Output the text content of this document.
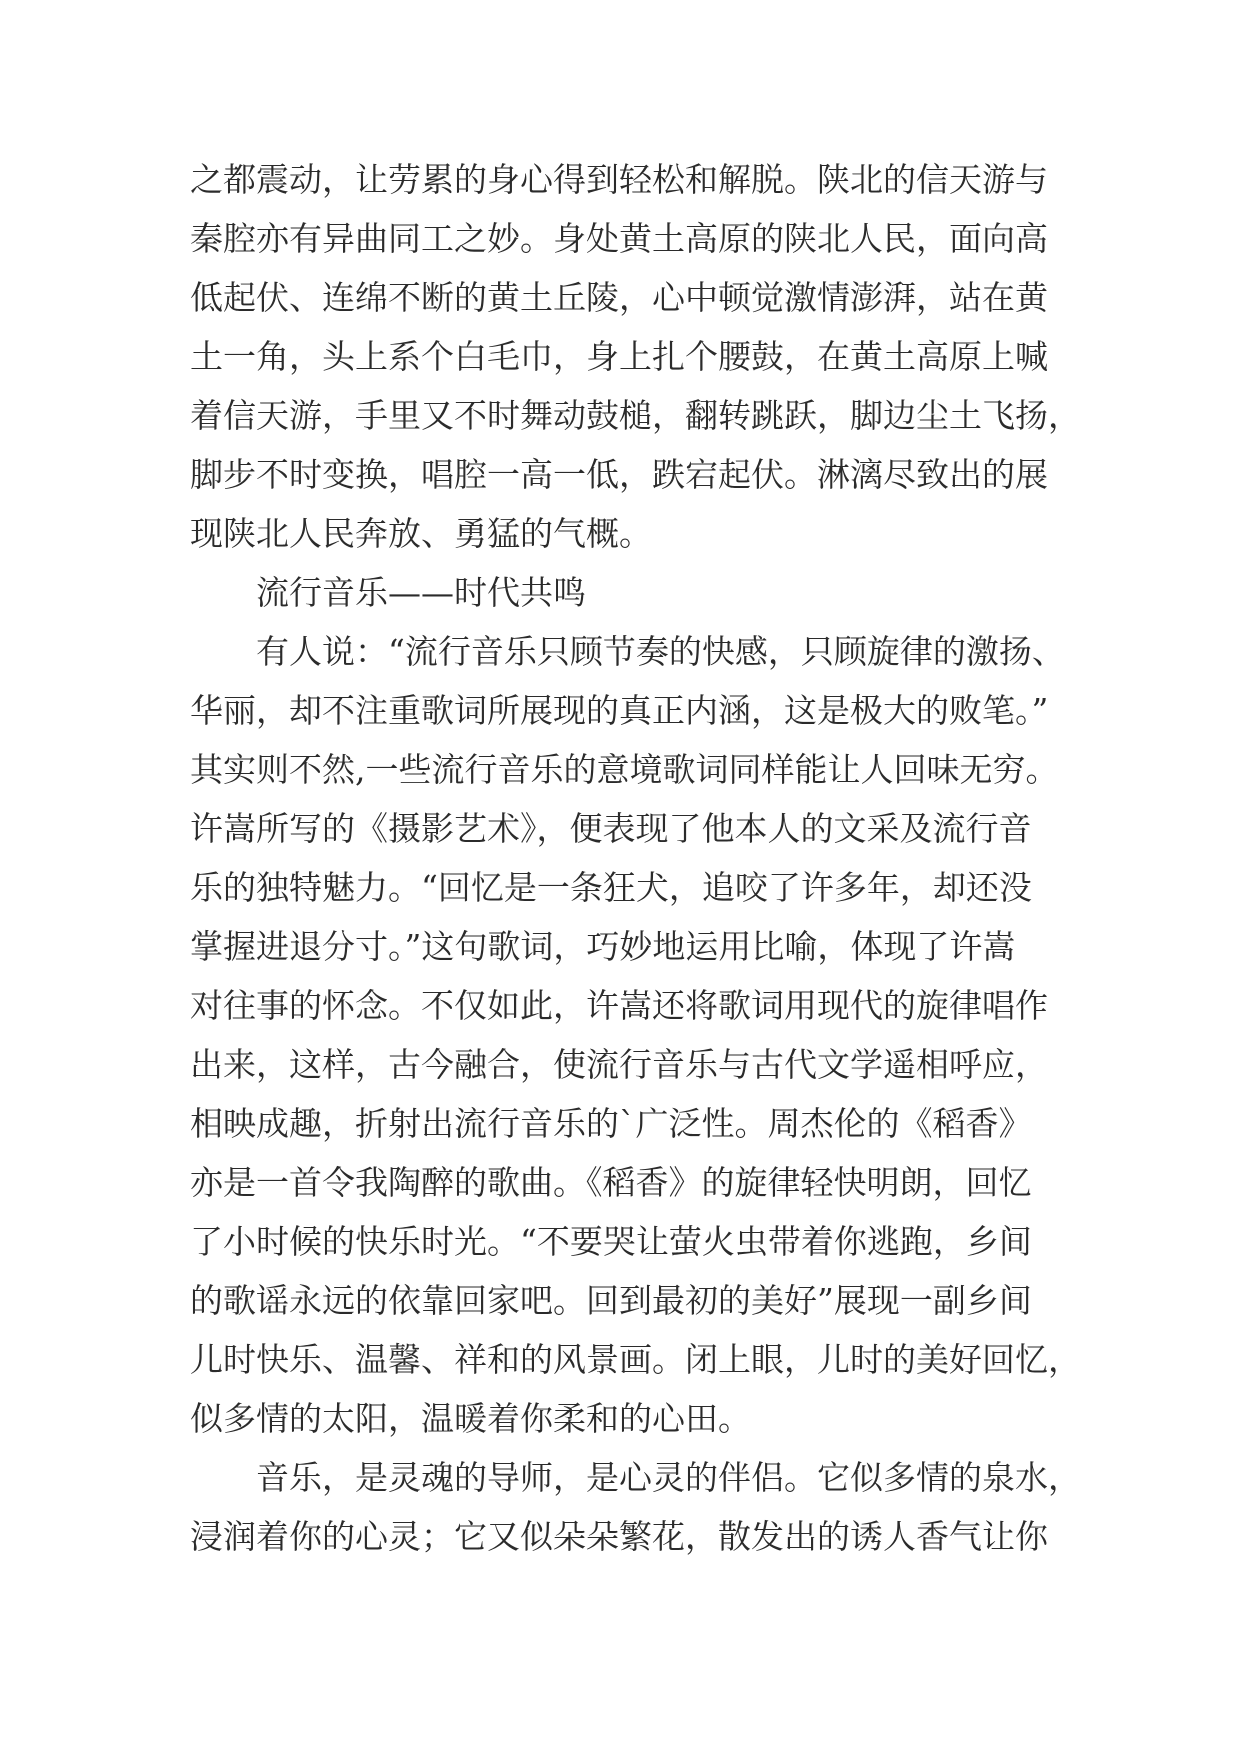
之都震动，让劳累的身心得到轻松和解脱。陕北的信天游与
秦腔亦有异曲同工之妙。身处黄土高原的陕北人民，面向高
低起伏、连绵不断的黄土丘陵，心中顿觉激情澎湃，站在黄
土一角，头上系个白毛巾，身上扎个腰鼓，在黄土高原上喊
着信天游，手里又不时舞动鼓槌，翻转跳跃，脚边尘土飞扬，
脚步不时变换，唱腔一高一低，跌宕起伏。淋漓尽致出的展
现陕北人民奔放、勇猛的气概。
流行音乐——时代共鸣
有人说：“流行音乐只顾节奏的快感，只顾旋律的激扬、
华丽，却不注重歌词所展现的真正内涵，这是极大的败笔。”
其实则不然,一些流行音乐的意境歌词同样能让人回味无穷。
许嵩所写的《摄影艺术》，便表现了他本人的文采及流行音
乐的独特魅力。“回忆是一条狂犬，追咬了许多年，却还没
掌握进退分寸。”这句歌词，巧妙地运用比喻，体现了许嵩
对往事的怀念。不仅如此，许嵩还将歌词用现代的旋律唱作
出来，这样，古今融合，使流行音乐与古代文学遥相呼应，
相映成趣，折射出流行音乐的`广泛性。周杰伦的《稻香》
亦是一首令我陶醉的歌曲。《稻香》的旋律轻快明朗，回忆
了小时候的快乐时光。“不要哭让萤火虫带着你逃跑，乡间
的歌谣永远的依靠回家吧。回到最初的美好”展现一副乡间
儿时快乐、温馨、祥和的风景画。闭上眼，儿时的美好回忆，
似多情的太阳，温暖着你柔和的心田。
音乐，是灵魂的导师，是心灵的伴侣。它似多情的泉水，
浸润着你的心灵；它又似朵朵繁花，散发出的诱人香气让你
